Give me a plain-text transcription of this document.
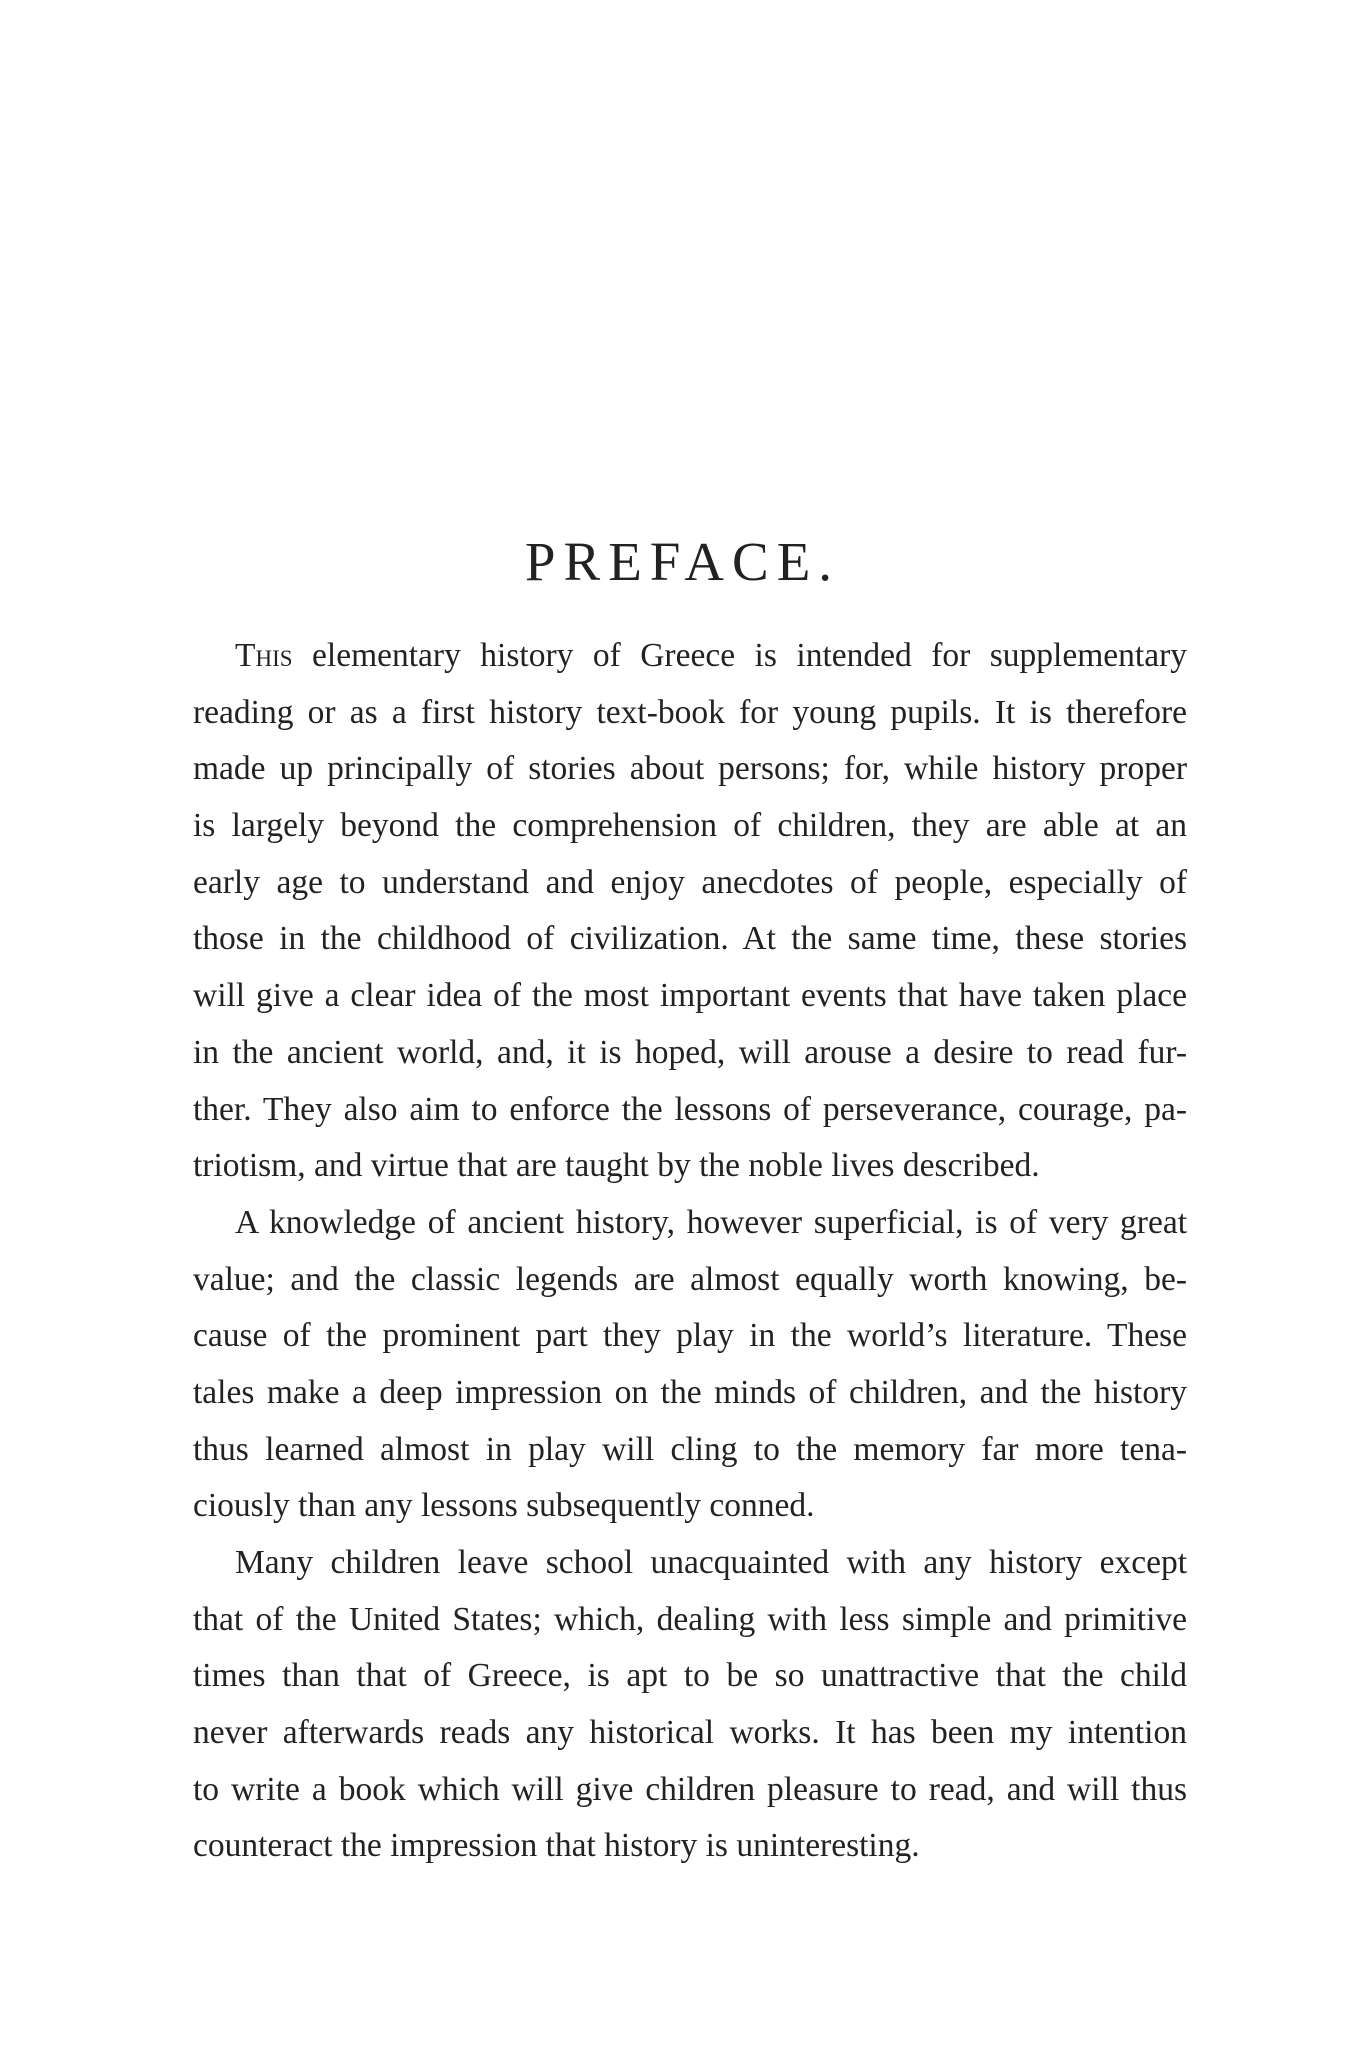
PREFACE.
This elementary history of Greece is intended for supplementary
reading or as a first history text-book for young pupils. It is therefore
made up principally of stories about persons; for, while history proper
is largely beyond the comprehension of children, they are able at an
early age to understand and enjoy anecdotes of people, especially of
those in the childhood of civilization. At the same time, these stories
will give a clear idea of the most important events that have taken place
in the ancient world, and, it is hoped, will arouse a desire to read fur-
ther. They also aim to enforce the lessons of perseverance, courage, pa-
triotism, and virtue that are taught by the noble lives described.
A knowledge of ancient history, however superficial, is of very great
value; and the classic legends are almost equally worth knowing, be-
cause of the prominent part they play in the world’s literature. These
tales make a deep impression on the minds of children, and the history
thus learned almost in play will cling to the memory far more tena-
ciously than any lessons subsequently conned.
Many children leave school unacquainted with any history except
that of the United States; which, dealing with less simple and primitive
times than that of Greece, is apt to be so unattractive that the child
never afterwards reads any historical works. It has been my intention
to write a book which will give children pleasure to read, and will thus
counteract the impression that history is uninteresting.
